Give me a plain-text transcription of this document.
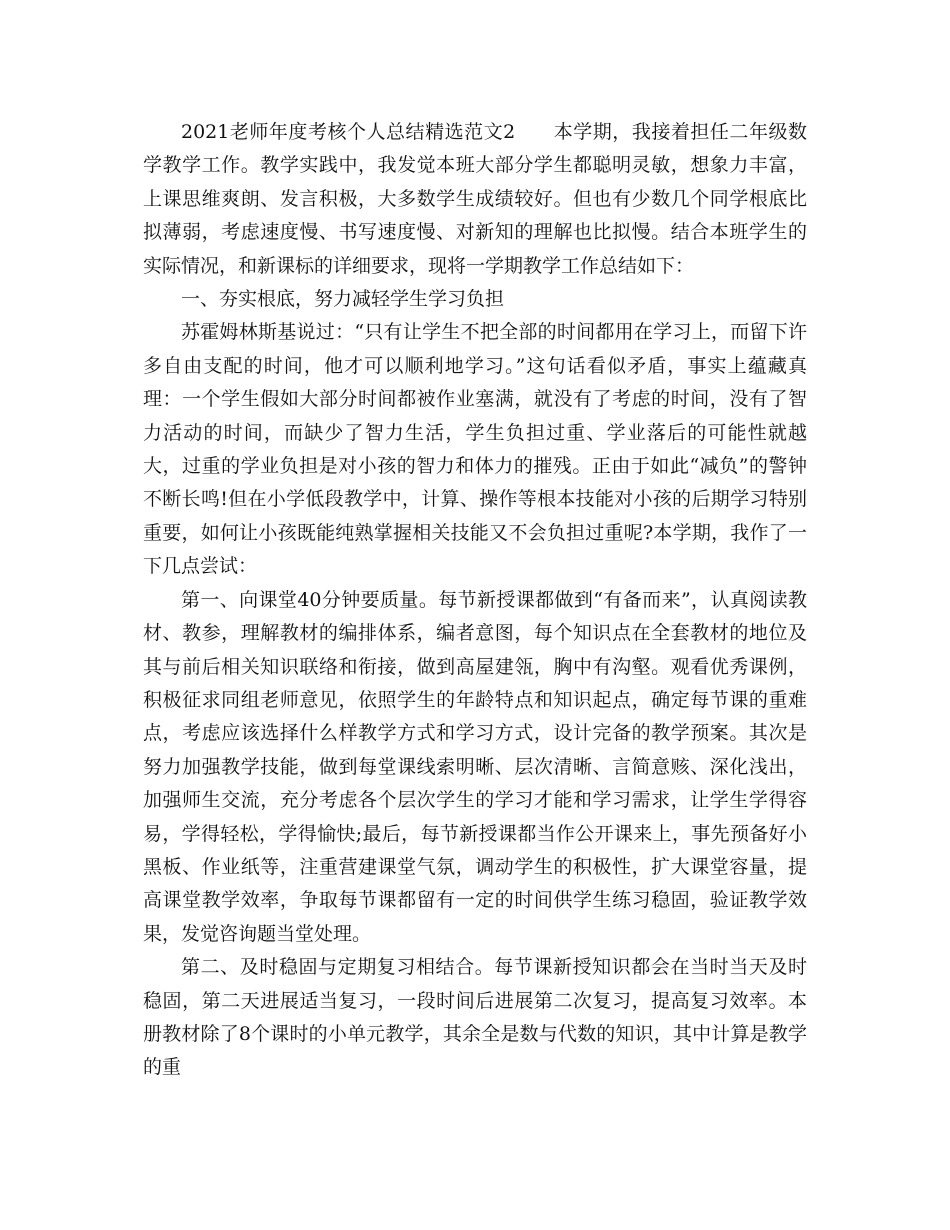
2021老师年度考核个人总结精选范文2 本学期，我接着担任二年级数学教学工作。教学实践中，我发觉本班大部分学生都聪明灵敏，想象力丰富，上课思维爽朗、发言积极，大多数学生成绩较好。但也有少数几个同学根底比拟薄弱，考虑速度慢、书写速度慢、对新知的理解也比拟慢。结合本班学生的实际情况，和新课标的详细要求，现将一学期教学工作总结如下：

一、夯实根底，努力减轻学生学习负担

苏霍姆林斯基说过：“只有让学生不把全部的时间都用在学习上，而留下许多自由支配的时间，他才可以顺利地学习。”这句话看似矛盾，事实上蕴藏真理：一个学生假如大部分时间都被作业塞满，就没有了考虑的时间，没有了智力活动的时间，而缺少了智力生活，学生负担过重、学业落后的可能性就越大，过重的学业负担是对小孩的智力和体力的摧残。正由于如此“减负”的警钟不断长鸣!但在小学低段教学中，计算、操作等根本技能对小孩的后期学习特别重要，如何让小孩既能纯熟掌握相关技能又不会负担过重呢?本学期，我作了一下几点尝试：

第一、向课堂40分钟要质量。每节新授课都做到“有备而来”，认真阅读教材、教参，理解教材的编排体系，编者意图，每个知识点在全套教材的地位及其与前后相关知识联络和衔接，做到高屋建瓴，胸中有沟壑。观看优秀课例，积极征求同组老师意见，依照学生的年龄特点和知识起点，确定每节课的重难点，考虑应该选择什么样教学方式和学习方式，设计完备的教学预案。其次是努力加强教学技能，做到每堂课线索明晰、层次清晰、言简意赅、深化浅出，加强师生交流，充分考虑各个层次学生的学习才能和学习需求，让学生学得容易，学得轻松，学得愉快;最后，每节新授课都当作公开课来上，事先预备好小黑板、作业纸等，注重营建课堂气氛，调动学生的积极性，扩大课堂容量，提高课堂教学效率，争取每节课都留有一定的时间供学生练习稳固，验证教学效果，发觉咨询题当堂处理。

第二、及时稳固与定期复习相结合。每节课新授知识都会在当时当天及时稳固，第二天进展适当复习，一段时间后进展第二次复习，提高复习效率。本册教材除了8个课时的小单元教学，其余全是数与代数的知识，其中计算是教学的重
